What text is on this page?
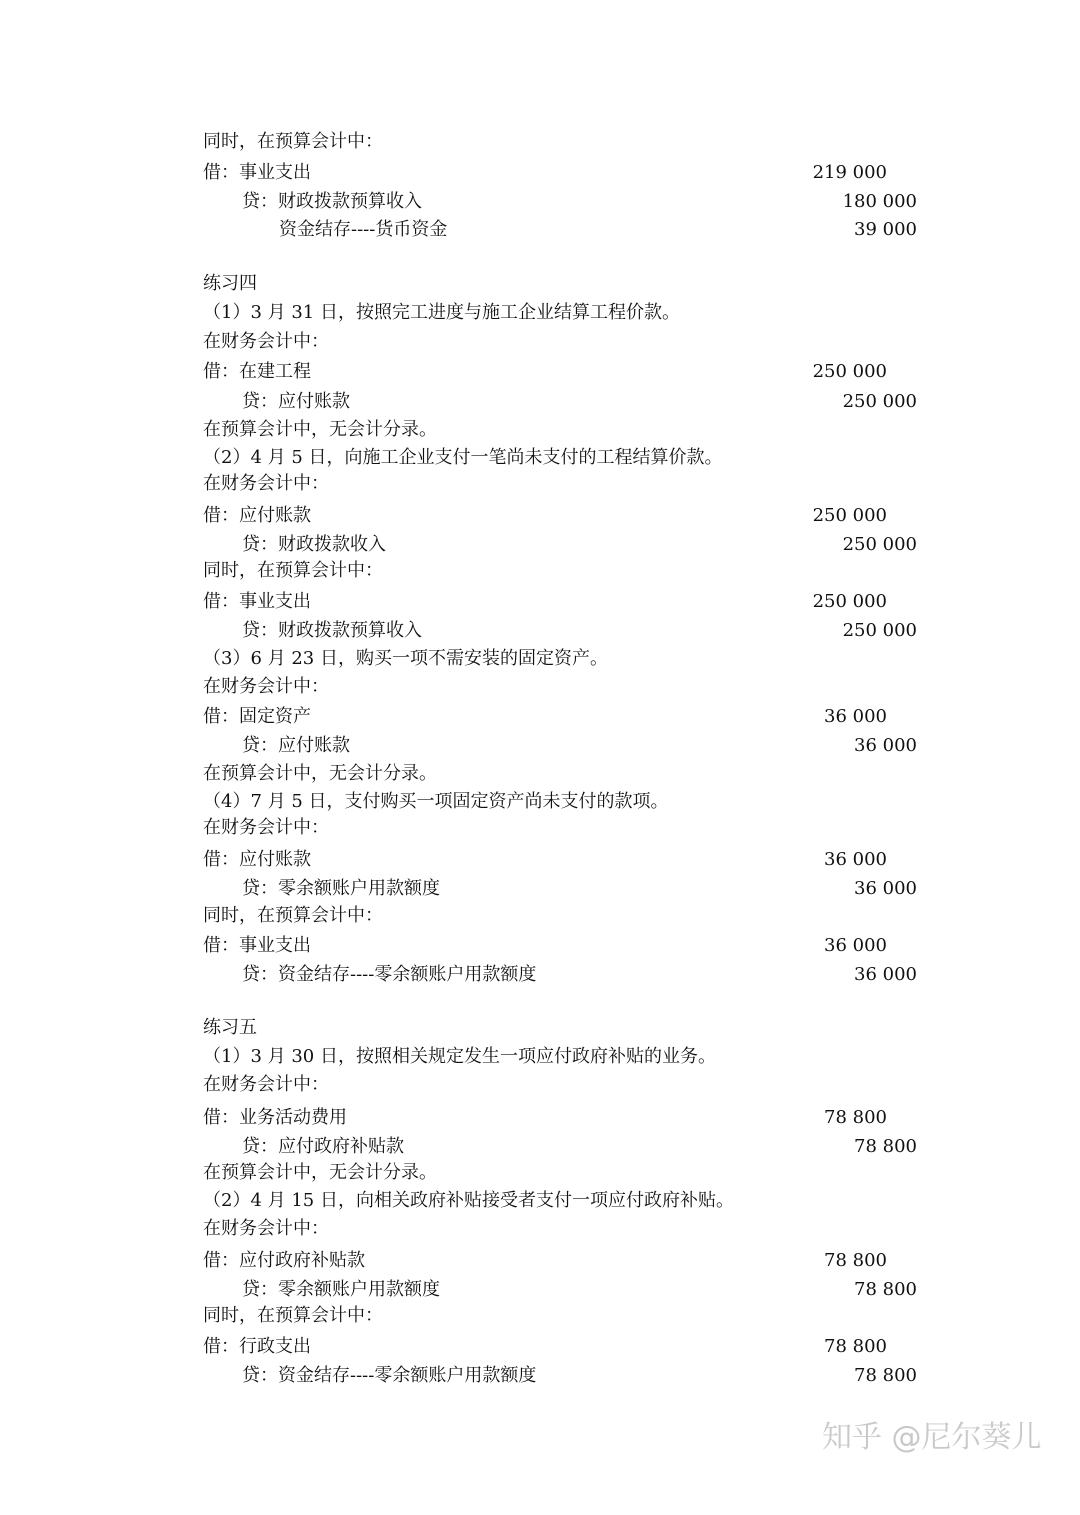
同时，在预算会计中：
借：事业支出	219 000
贷：财政拨款预算收入	180 000
资金结存----货币资金	39 000
练习四
（1）3 月 31 日，按照完工进度与施工企业结算工程价款。
在财务会计中：
借：在建工程	250 000
贷：应付账款	250 000
在预算会计中，无会计分录。
（2）4 月 5 日，向施工企业支付一笔尚未支付的工程结算价款。
在财务会计中：
借：应付账款	250 000
贷：财政拨款收入	250 000
同时，在预算会计中：
借：事业支出	250 000
贷：财政拨款预算收入	250 000
（3）6 月 23 日，购买一项不需安装的固定资产。
在财务会计中：
借：固定资产	36 000
贷：应付账款	36 000
在预算会计中，无会计分录。
（4）7 月 5 日，支付购买一项固定资产尚未支付的款项。
在财务会计中：
借：应付账款	36 000
贷：零余额账户用款额度	36 000
同时，在预算会计中：
借：事业支出	36 000
贷：资金结存----零余额账户用款额度	36 000
练习五
（1）3 月 30 日，按照相关规定发生一项应付政府补贴的业务。
在财务会计中：
借：业务活动费用	78 800
贷：应付政府补贴款	78 800
在预算会计中，无会计分录。
（2）4 月 15 日，向相关政府补贴接受者支付一项应付政府补贴。
在财务会计中：
借：应付政府补贴款	78 800
贷：零余额账户用款额度	78 800
同时，在预算会计中：
借：行政支出	78 800
贷：资金结存----零余额账户用款额度	78 800
知乎 @尼尔葵儿
